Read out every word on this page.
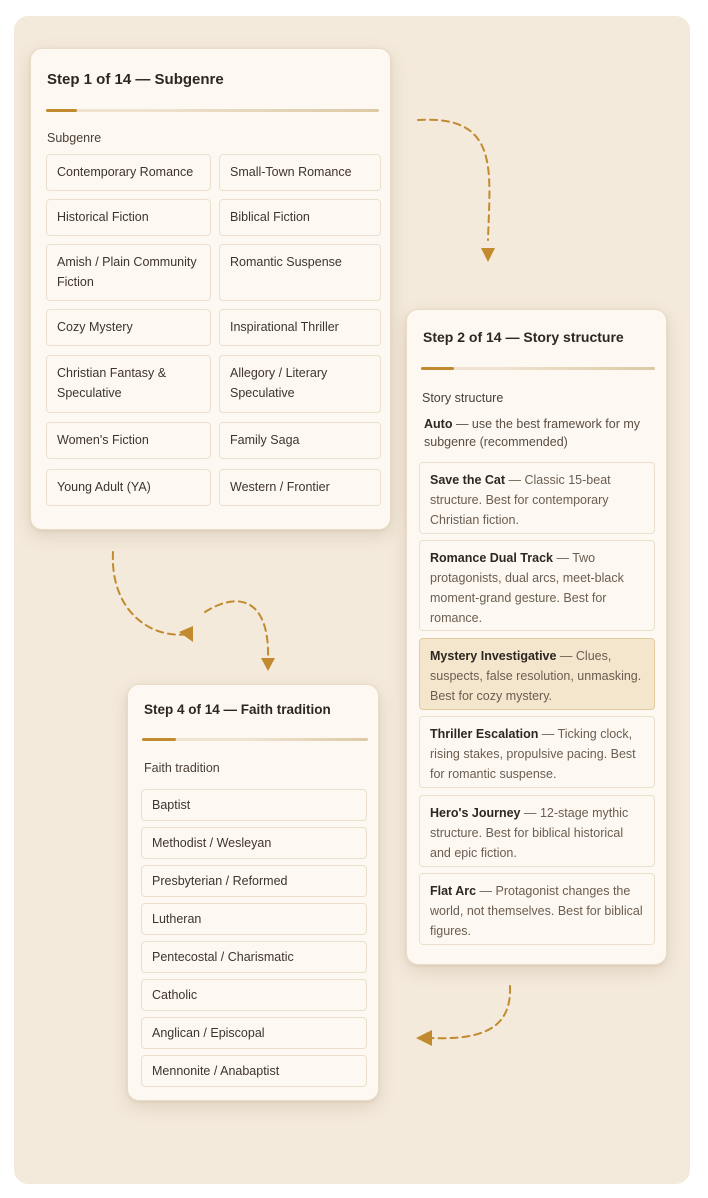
Step 1 of 14 — Subgenre
Subgenre
Contemporary Romance	Small-Town Romance
Historical Fiction	Biblical Fiction
Amish / Plain Community Fiction
Romantic Suspense
Cozy Mystery	Inspirational Thriller
Christian Fantasy & Speculative
Allegory / Literary Speculative
Women's Fiction	Family Saga
Young Adult (YA)	Western / Frontier
Step 2 of 14 — Story structure
Story structure
Auto — use the best framework for my subgenre (recommended)
Save the Cat — Classic 15-beat structure. Best for contemporary Christian fiction.
Romance Dual Track — Two protagonists, dual arcs, meet-black moment-grand gesture. Best for romance.
Mystery Investigative — Clues, suspects, false resolution, unmasking. Best for cozy mystery.
Thriller Escalation — Ticking clock, rising stakes, propulsive pacing. Best for romantic suspense.
Hero's Journey — 12-stage mythic structure. Best for biblical historical and epic fiction.
Flat Arc — Protagonist changes the world, not themselves. Best for biblical figures.
Step 4 of 14 — Faith tradition
Faith tradition
Baptist
Methodist / Wesleyan
Presbyterian / Reformed
Lutheran
Pentecostal / Charismatic
Catholic
Anglican / Episcopal
Mennonite / Anabaptist
